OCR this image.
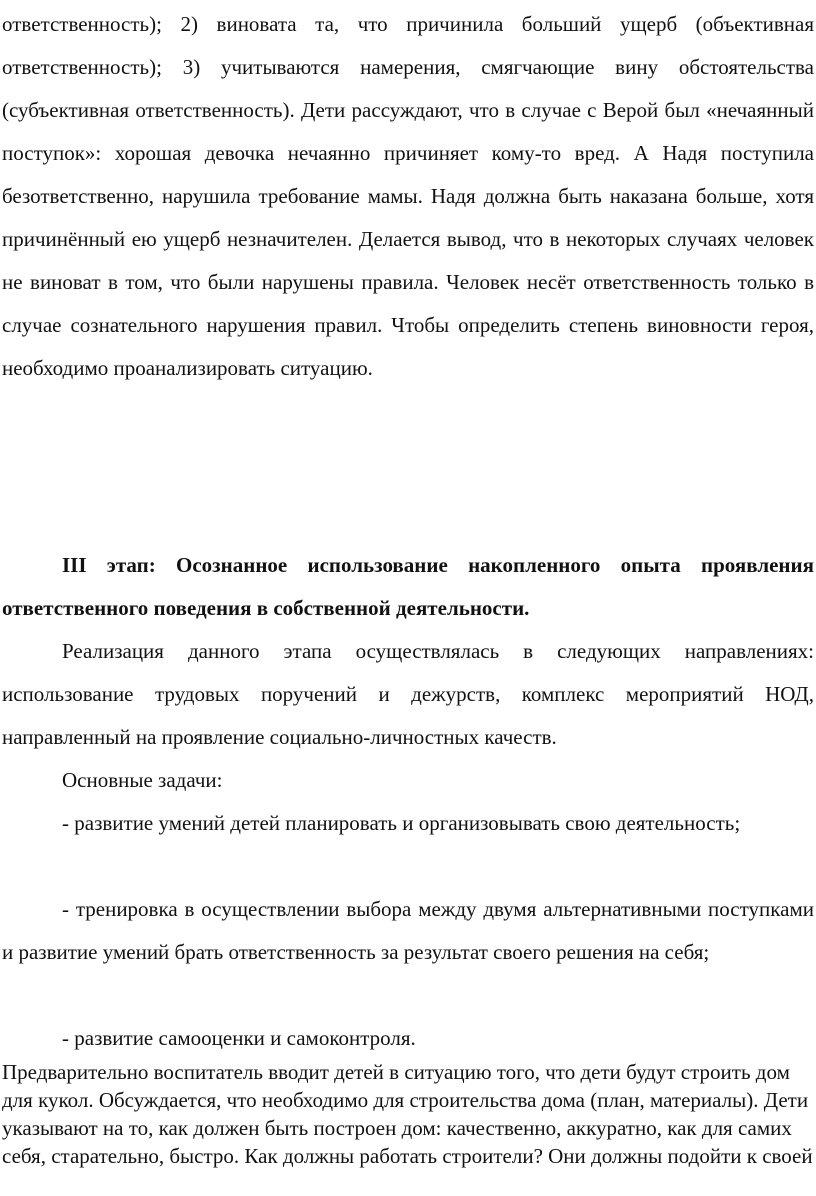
ответственность); 2) виновата та, что причинила больший ущерб (объективная ответственность); 3) учитываются намерения, смягчающие вину обстоятельства (субъективная ответственность). Дети рассуждают, что в случае с Верой был «нечаянный поступок»: хорошая девочка нечаянно причиняет кому-то вред. А Надя поступила безответственно, нарушила требование мамы. Надя должна быть наказана больше, хотя причинённый ею ущерб незначителен. Делается вывод, что в некоторых случаях человек не виноват в том, что были нарушены правила. Человек несёт ответственность только в случае сознательного нарушения правил. Чтобы определить степень виновности героя, необходимо проанализировать ситуацию.

III этап: Осознанное использование накопленного опыта проявления ответственного поведения в собственной деятельности.

Реализация данного этапа осуществлялась в следующих направлениях: использование трудовых поручений и дежурств, комплекс мероприятий НОД, направленный на проявление социально-личностных качеств.

Основные задачи:

- развитие умений детей планировать и организовывать свою деятельность;

- тренировка в осуществлении выбора между двумя альтернативными поступками и развитие умений брать ответственность за результат своего решения на себя;

- развитие самооценки и самоконтроля.

Предварительно воспитатель вводит детей в ситуацию того, что дети будут строить дом для кукол. Обсуждается, что необходимо для строительства дома (план, материалы). Дети указывают на то, как должен быть построен дом: качественно, аккуратно, как для самих себя, старательно, быстро. Как должны работать строители? Они должны подойти к своей
